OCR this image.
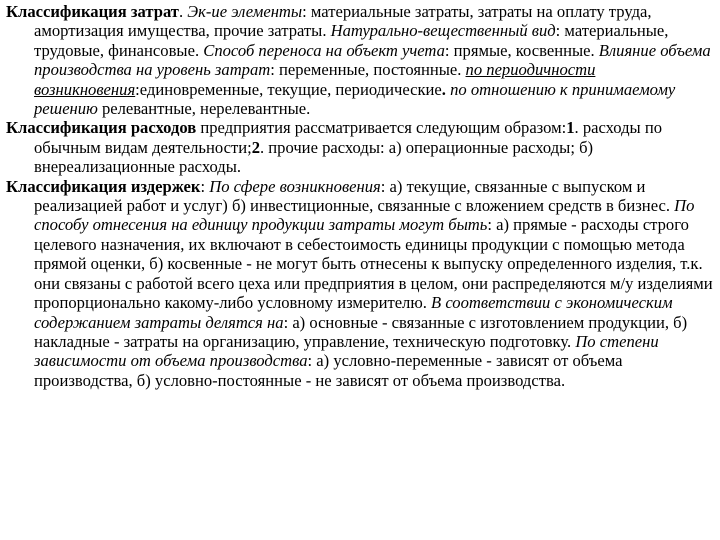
Классификация затрат. Эк-ие элементы: материальные затраты, затраты на оплату труда, амортизация имущества, прочие затраты. Натурально-вещественный вид: материальные, трудовые, финансовые. Способ переноса на объект учета: прямые, косвенные. Влияние объема производства на уровень затрат: переменные, постоянные. по периодичности возникновения:единовременные, текущие, периодические. по отношению к принимаемому решению релевантные, нерелевантные.

Классификация расходов предприятия рассматривается следующим образом:1. расходы по обычным видам деятельности;2. прочие расходы: а) операционные расходы; б) внереализационные расходы.

Классификация издержек: По сфере возникновения: а) текущие, связанные с выпуском и реализацией работ и услуг) б) инвестиционные, связанные с вложением средств в бизнес. По способу отнесения на единицу продукции затраты могут быть: а) прямые - расходы строго целевого назначения, их включают в себестоимость единицы продукции с помощью метода прямой оценки, б) косвенные - не могут быть отнесены к выпуску определенного изделия, т.к. они связаны с работой всего цеха или предприятия в целом, они распределяются м/у изделиями пропорционально какому-либо условному измерителю. В соответствии с экономическим содержанием затраты делятся на: а) основные - связанные с изготовлением продукции, б) накладные - затраты на организацию, управление, техническую подготовку. По степени зависимости от объема производства: а) условно-переменные - зависят от объема производства, б) условно-постоянные - не зависят от объема производства.
